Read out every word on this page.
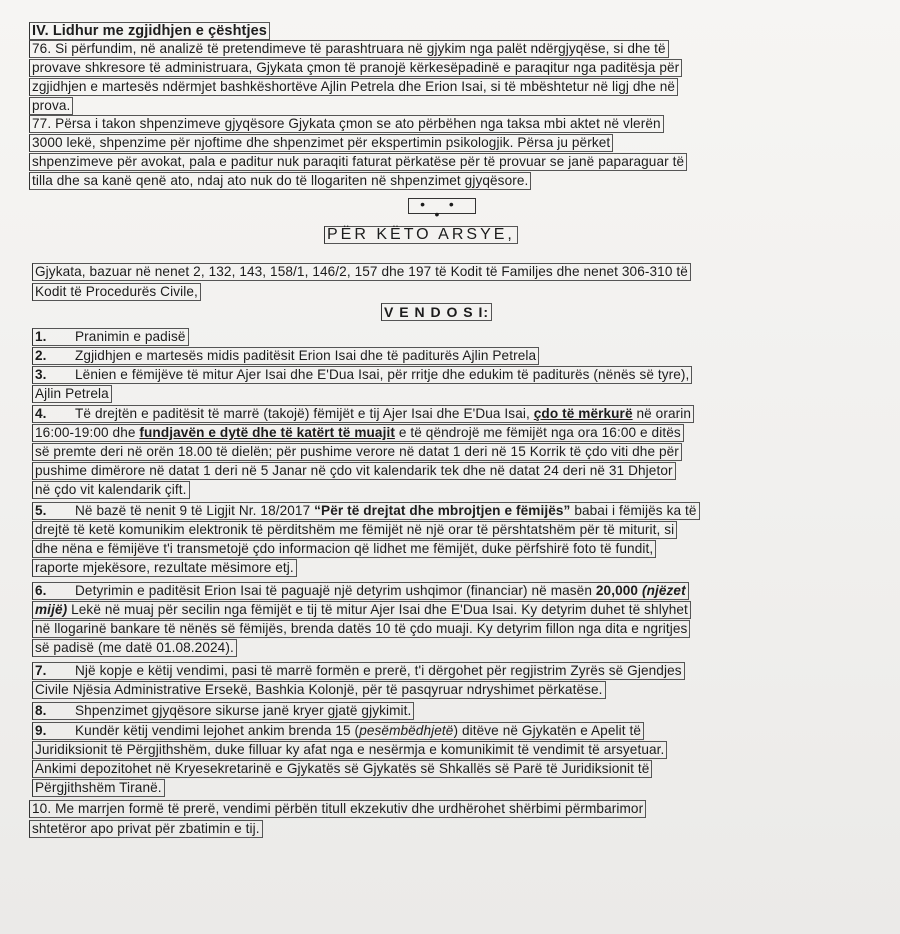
IV. Lidhur me zgjidhjen e çështjes
76. Si përfundim, në analizë të pretendimeve të parashtruara në gjykim nga palët ndërgjyqëse, si dhe të
provave shkresore të administruara, Gjykata çmon të pranojë kërkesëpadinë e paraqitur nga paditësja për
zgjidhjen e martesës ndërmjet bashkëshortëve Ajlin Petrela dhe Erion Isai, si të mbështetur në ligj dhe në
prova.
77. Përsa i takon shpenzimeve gjyqësore Gjykata çmon se ato përbëhen nga taksa mbi aktet në vlerën
3000 lekë, shpenzime për njoftime dhe shpenzimet për ekspertimin psikologjik. Përsa ju përket
shpenzimeve për avokat, pala e paditur nuk paraqiti faturat përkatëse për të provuar se janë paparaguar të
tilla dhe sa kanë qenë ato, ndaj ato nuk do të llogariten në shpenzimet gjyqësore.
• • •
PËR KËTO ARSYE,
Gjykata, bazuar në nenet 2, 132, 143, 158/1, 146/2, 157 dhe 197 të Kodit të Familjes dhe nenet 306-310 të
Kodit të Procedurës Civile,
V E N D O S I:
1. Pranimin e padisë
2. Zgjidhjen e martesës midis paditësit Erion Isai dhe të paditurës Ajlin Petrela
3. Lënien e fëmijëve të mitur Ajer Isai dhe E'Dua Isai, për rritje dhe edukim të paditurës (nënës së tyre),
Ajlin Petrela
4. Të drejtën e paditësit të marrë (takojë) fëmijët e tij Ajer Isai dhe E'Dua Isai, çdo të mërkurë në orarin
16:00-19:00 dhe fundjavën e dytë dhe të katërt të muajit e të qëndrojë me fëmijët nga ora 16:00 e ditës
së premte deri në orën 18.00 të dielën; për pushime verore në datat 1 deri në 15 Korrik të çdo viti dhe për
pushime dimërore në datat 1 deri në 5 Janar në çdo vit kalendarik tek dhe në datat 24 deri në 31 Dhjetor
në çdo vit kalendarik çift.
5. Në bazë të nenit 9 të Ligjit Nr. 18/2017 “Për të drejtat dhe mbrojtjen e fëmijës” babai i fëmijës ka të
drejtë të ketë komunikim elektronik të përditshëm me fëmijët në një orar të përshtatshëm për të miturit, si
dhe nëna e fëmijëve t'i transmetojë çdo informacion që lidhet me fëmijët, duke përfshirë foto të fundit,
raporte mjekësore, rezultate mësimore etj.
6. Detyrimin e paditësit Erion Isai të paguajë një detyrim ushqimor (financiar) në masën 20,000 (njëzet
mijë) Lekë në muaj për secilin nga fëmijët e tij të mitur Ajer Isai dhe E'Dua Isai. Ky detyrim duhet të shlyhet
në llogarinë bankare të nënës së fëmijës, brenda datës 10 të çdo muaji. Ky detyrim fillon nga dita e ngritjes
së padisë (me datë 01.08.2024).
7. Një kopje e këtij vendimi, pasi të marrë formën e prerë, t'i dërgohet për regjistrim Zyrës së Gjendjes
Civile Njësia Administrative Ersekë, Bashkia Kolonjë, për të pasqyruar ndryshimet përkatëse.
8. Shpenzimet gjyqësore sikurse janë kryer gjatë gjykimit.
9. Kundër këtij vendimi lejohet ankim brenda 15 (pesëmbëdhjetë) ditëve në Gjykatën e Apelit të
Juridiksionit të Përgjithshëm, duke filluar ky afat nga e nesërmja e komunikimit të vendimit të arsyetuar.
Ankimi depozitohet në Kryesekretarinë e Gjykatës së Gjykatës së Shkallës së Parë të Juridiksionit të
Përgjithshëm Tiranë.
10. Me marrjen formë të prerë, vendimi përbën titull ekzekutiv dhe urdhërohet shërbimi përmbarimor
shtetëror apo privat për zbatimin e tij.
